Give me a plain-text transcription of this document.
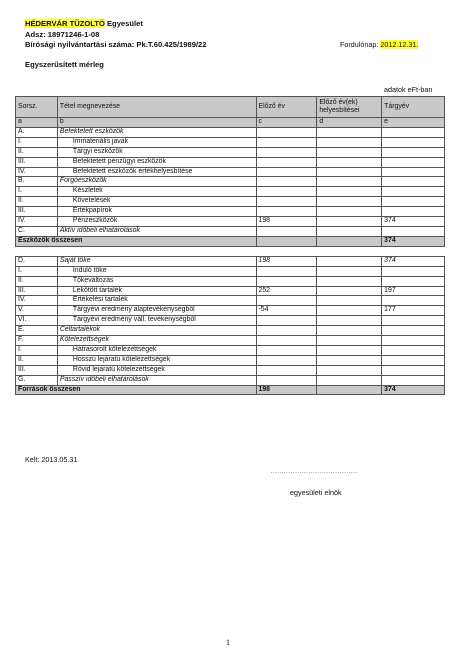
HÉDERVÁR TŰZOLTÓ Egyesület
Adsz: 18971246-1-08
Bírósági nyilvántartási száma: Pk.T.60.425/1989/22	Fordulónap: 2012.12.31.
Egyszerűsített mérleg
adatok eFt-ban
Sorsz.	Tétel megnevezése	Előző év	Előző év(ek) helyesbítései	Tárgyév
a	b	c	d	e
A.	Befektetett eszközök			
I.	Immateriális javak			
II.	Tárgyi eszközök			
III.	Befektetett pénzügyi eszközök			
IV.	Befektetett eszközök értékhelyesbítése			
B.	Forgóeszközök			
I.	Készletek			
II.	Követelések			
III.	Értékpapírok			
IV.	Pénzeszközök	198		374
C.	Aktív időbeli elhatárolások			
Eszközök összesen				374

D.	Saját tőke	198		374
I.	Induló tőke			
II.	Tőkeváltozás			
III.	Lekötött tartalék	252		197
IV.	Értékelési tartalék			
V.	Tárgyévi eredmény alaptevékenységből	-54		177
VI.	Tárgyévi eredmény váll. tevékenységből			
E.	Céltartalékok			
F.	Kötelezettségek			
I.	Hátrasorolt kötelezettségek			
II.	Hosszú lejáratú kötelezettségek			
III.	Rövid lejáratú kötelezettségek			
G.	Passzív időbeli elhatárolások			
Források összesen		198		374
Kelt: 2013.05.31
…………………………………
egyesületi elnök
1
